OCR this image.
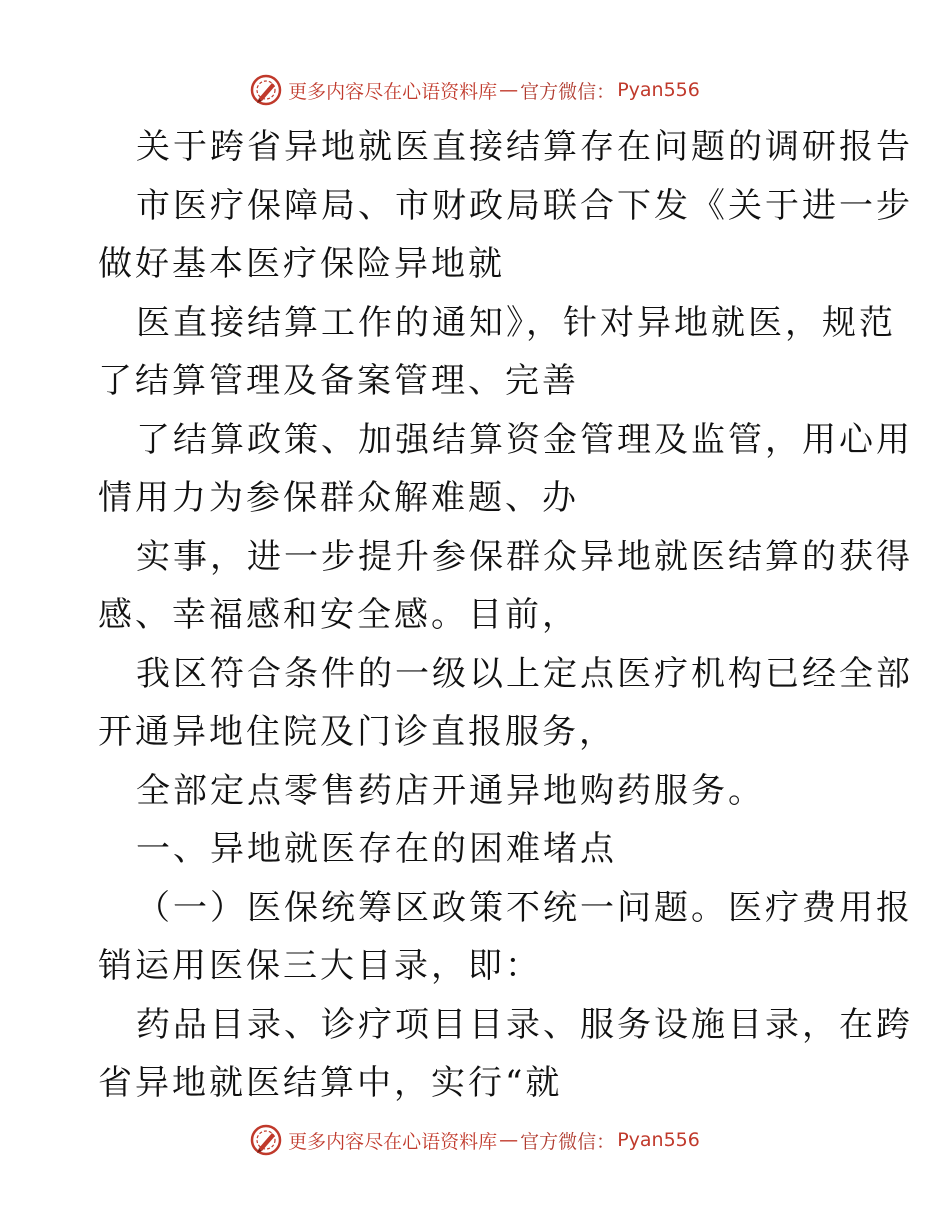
更多内容尽在心语资料库 — 官方微信： Pyan556
关于跨省异地就医直接结算存在问题的调研报告
市医疗保障局、市财政局联合下发《关于进一步
做好基本医疗保险异地就
医直接结算工作的通知》，针对异地就医，规范
了结算管理及备案管理、完善
了结算政策、加强结算资金管理及监管，用心用
情用力为参保群众解难题、办
实事，进一步提升参保群众异地就医结算的获得
感、幸福感和安全感。目前，
我区符合条件的一级以上定点医疗机构已经全部
开通异地住院及门诊直报服务，
全部定点零售药店开通异地购药服务。
一、异地就医存在的困难堵点
（一）医保统筹区政策不统一问题。医疗费用报
销运用医保三大目录，即：
药品目录、诊疗项目目录、服务设施目录，在跨
省异地就医结算中，实行“就
更多内容尽在心语资料库 — 官方微信： Pyan556
